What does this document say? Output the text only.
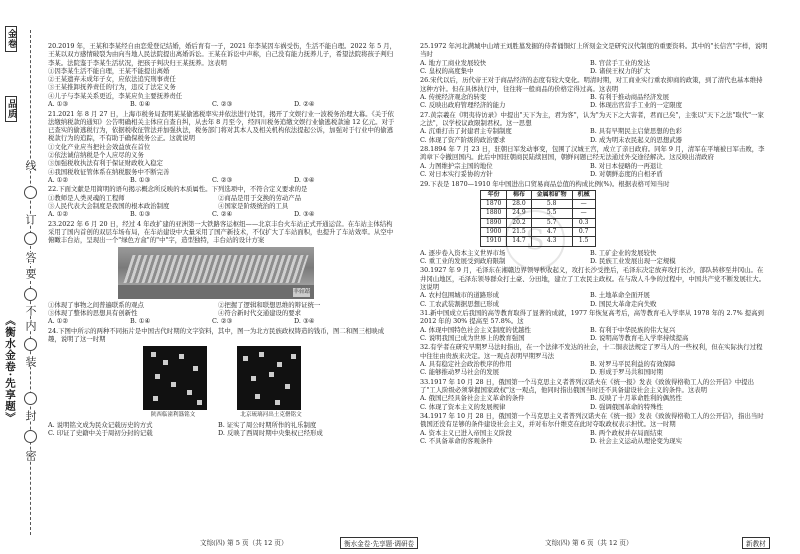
金卷
品质
《衡水金卷·先享题》
线
订
答
要
不
内
装
封
密
20.2019 年，王某和李某经自由恋爱登记结婚，婚后育有一子，2021 年李某因车祸受伤，生活不能自理。2022 年 5 月，王某以双方感情破裂为由向当地人民法院提出离婚诉讼。王某在诉讼中声称，自己没有能力抚养儿子，希望法院将孩子判归李某。法院鉴于李某生活状况，把孩子判决归王某抚养。这表明
①因李某生活不能自理，王某不能提出离婚
②王某遗弃未成年子女，应依法追究刑事责任
③王某推卸抚养责任的行为，违反了法定义务
④儿子与李某关系更近，李某应负主要抚养责任
A. ①③	B. ①④	C. ②③	D. ②④
21.2021 年 8 月 27 日，上海市税务局查明某某偷逃税率实并依法进行处罚，揭开了文娱行业一波税务治理大幕。《关于依法缴纳税款的通知》公告明确相关主体应自查自纠，从去年 8 月至今，经四川税务追缴文娱行业偷逃税款逾 12 亿元。对于已查实的偷逃税行为，依据税收征管法并加强执法，税务部门将对其本人及相关机构依法提起公诉，加强对于行业中的偷逃税款行为的追踪，不有助于确保税务公正。这就说明
①文化产业应当把社会效益放在首位
②依法诚信纳税是个人应尽的义务
③加强税收执法有利于保证财政收入稳定
④我国税收征管体系在纳税服务中不断完善
A. ①②	B. ①③	C. ②③	D. ③④
22.下面文献是用简明的语句揭示概念所反映的本质属性。下列选项中，不符合定义要求的是
①教师是人类灵魂的工程师	②商品是用于交换的劳动产品
③人民代表大会制度是我国的根本政治制度	④国家是阶级统治的工具
A. ①②	B. ①③	C. ②④	D. ③④
23.2022 年 6 月 20 日，经过 4 年改扩建的亚洲第一大铁路客运枢纽——北京丰台火车站正式开通运营。在车站主体结构采用了国内首创的双层车场布局，在车站建设中大量采用了国产新技术，不仅扩大了车站面积，也提升了车站效率。从空中俯瞰丰台站，呈现出一个"绿色方盒"的"中"字，造型独特，丰台站的设计方案
丰台站
①体现了事物之间普遍联系的观点	②把握了逻辑和联想思维的辩证统一
③体现了整体的思想具有创新性	④符合新时代交通建设的要求
A. ①②	B. ①④	C. ②③	D. ③④
24.下图中所示的两种不同拓片是中国古代时期的文字资料，其中，图一为北方民族政权铸造的钱币，图二和图三相映成趣，说明了这一时期
陕西临潼利簋铭文	北京琉璃河出土克罍铭文
A. 说明铭文成为民众记载历史的方式	B. 证实了周公时期所作的礼乐制度
C. 印证了史籍中关于周初分封的记载	D. 反映了西周时期中央集权已经形成
S
25.1972 年河北满城中山靖王刘胜墓发掘的侍者俑铜灯上所刻金文是研究汉代制度的重要资料。其中的"长信宫"字样，说明当时
A. 地方工商业发展较快	B. 官营手工业的发达
C. 皇权的高度集中	D. 诸侯王权力的扩大
26.宋代以后，历代帝王对于商品经济的态度有较大变化。明清时期，对工商业实行重农抑商的政策，到了清代也基本维持这种方针。但在具体执行中，往往将一般商品的价格定得过高。这表明
A. 传统经济观念的转变	B. 有利于推动商品经济发展
C. 反映出政府管理经济的能力	D. 体现出官营手工业的一定限度
27.黄宗羲在《明夷待访录》中提出"天下为主，君为客"，认为"为天下之大害者，君而已矣"，主张以"天下之法"取代"一家之法"，以学校议政限制君权。这一思想
A. 沉重打击了封建君主专制制度	B. 具有早期民主启蒙思想的色彩
C. 体现了资产阶级的政治要求	D. 成为明末农民起义的思想武器
28.1894 年 7 月 23 日，驻朝日军发动事变，包围了汉城王宫，成立了亲日政府。同年 9 月，清军在平壤被日军击败，李鸿章下令撤回国内。此后中国驻朝商民陆续回国，朝鲜问题已经无法通过外交途径解决。这反映出清政府
A. 力图维护宗主国的地位	B. 对日本侵略的一再退让
C. 对日本实行妥协的方针	D. 对朝鲜态度的自相矛盾
29.下表是 1870—1910 年中国进出口贸易商品总值的构成比例(%)。根据表格可知当时
年份	棉布	金属和矿物	机械
1870	28.0	5.8	—
1880	24.9	5.5	—
1890	20.2	5.7	0.3
1900	21.5	4.7	0.7
1910	14.7	4.3	1.5
A. 逐步卷入资本主义世界市场	B. 工矿企业的发展较快
C. 重工业的发展受到政府限制	D. 民族工业发展出现一定规模
30.1927 年 9 月，毛泽东在湘赣边界领导秋收起义，攻打长沙受挫后，毛泽东决定放弃攻打长沙，部队转移至井冈山。在井冈山地区，毛泽东领导群众打土豪、分田地，建立了工农民主政权。在与敌人斗争的过程中，中国共产党不断发展壮大。这说明
A. 农村包围城市的道路形成	B. 土地革命全面开展
C. 工农武装割据思想已形成	D. 国民大革命走向失败
31.新中国成立后我国的高等教育取得了显著的成就，1977 年恢复高考后，高等教育毛入学率从 1978 年的 2.7% 提高到 2012 年的 30% 提高至 57.8%。这
A. 体现中国特色社会主义制度的优越性	B. 有利于中华民族的伟大复兴
C. 说明我国已成为世界上的教育强国	D. 说明高等教育毛入学率持续提高
32.有学者在研究早期罗马法时指出，在一个法律不发达的社会，十二铜表法规定了罗马人的一些权利，但在实际执行过程中往往由贵族来决定。这一观点表明早期罗马法
A. 具有稳定社会政治秩序的作用	B. 对罗马平民利益的有效保障
C. 能够推动罗马社会的发展	D. 形成于罗马共和国时期
33.1917 年 10 月 28 日，俄国第一个马克思主义者普列汉诺夫在《统一报》发表《致彼得格勒工人的公开信》中提出了"工人阶级必须掌握国家政权"这一观点，他同时指出俄国当时还不具备建设社会主义的条件。这表明
A. 俄国已经具备社会主义革命的条件	B. 反映了十月革命胜利的偶然性
C. 体现了资本主义的发展规律	D. 强调俄国革命的特殊性
34.1917 年 10 月 28 日，俄国第一个马克思主义者普列汉诺夫在《统一报》发表《致彼得格勒工人的公开信》，指出当时俄国还没有足够的条件建设社会主义，并对布尔什维克在此时夺取政权表示担忧。这一时期
A. 资本主义已进入帝国主义阶段	B. 两个政权并存局面结束
C. 不具备革命的客观条件	D. 社会主义运动从理论变为现实
文综(四) 第 5 页（共 12 页）	衡水金卷·先享题·调研卷	文综(四) 第 6 页（共 12 页）	新教材
